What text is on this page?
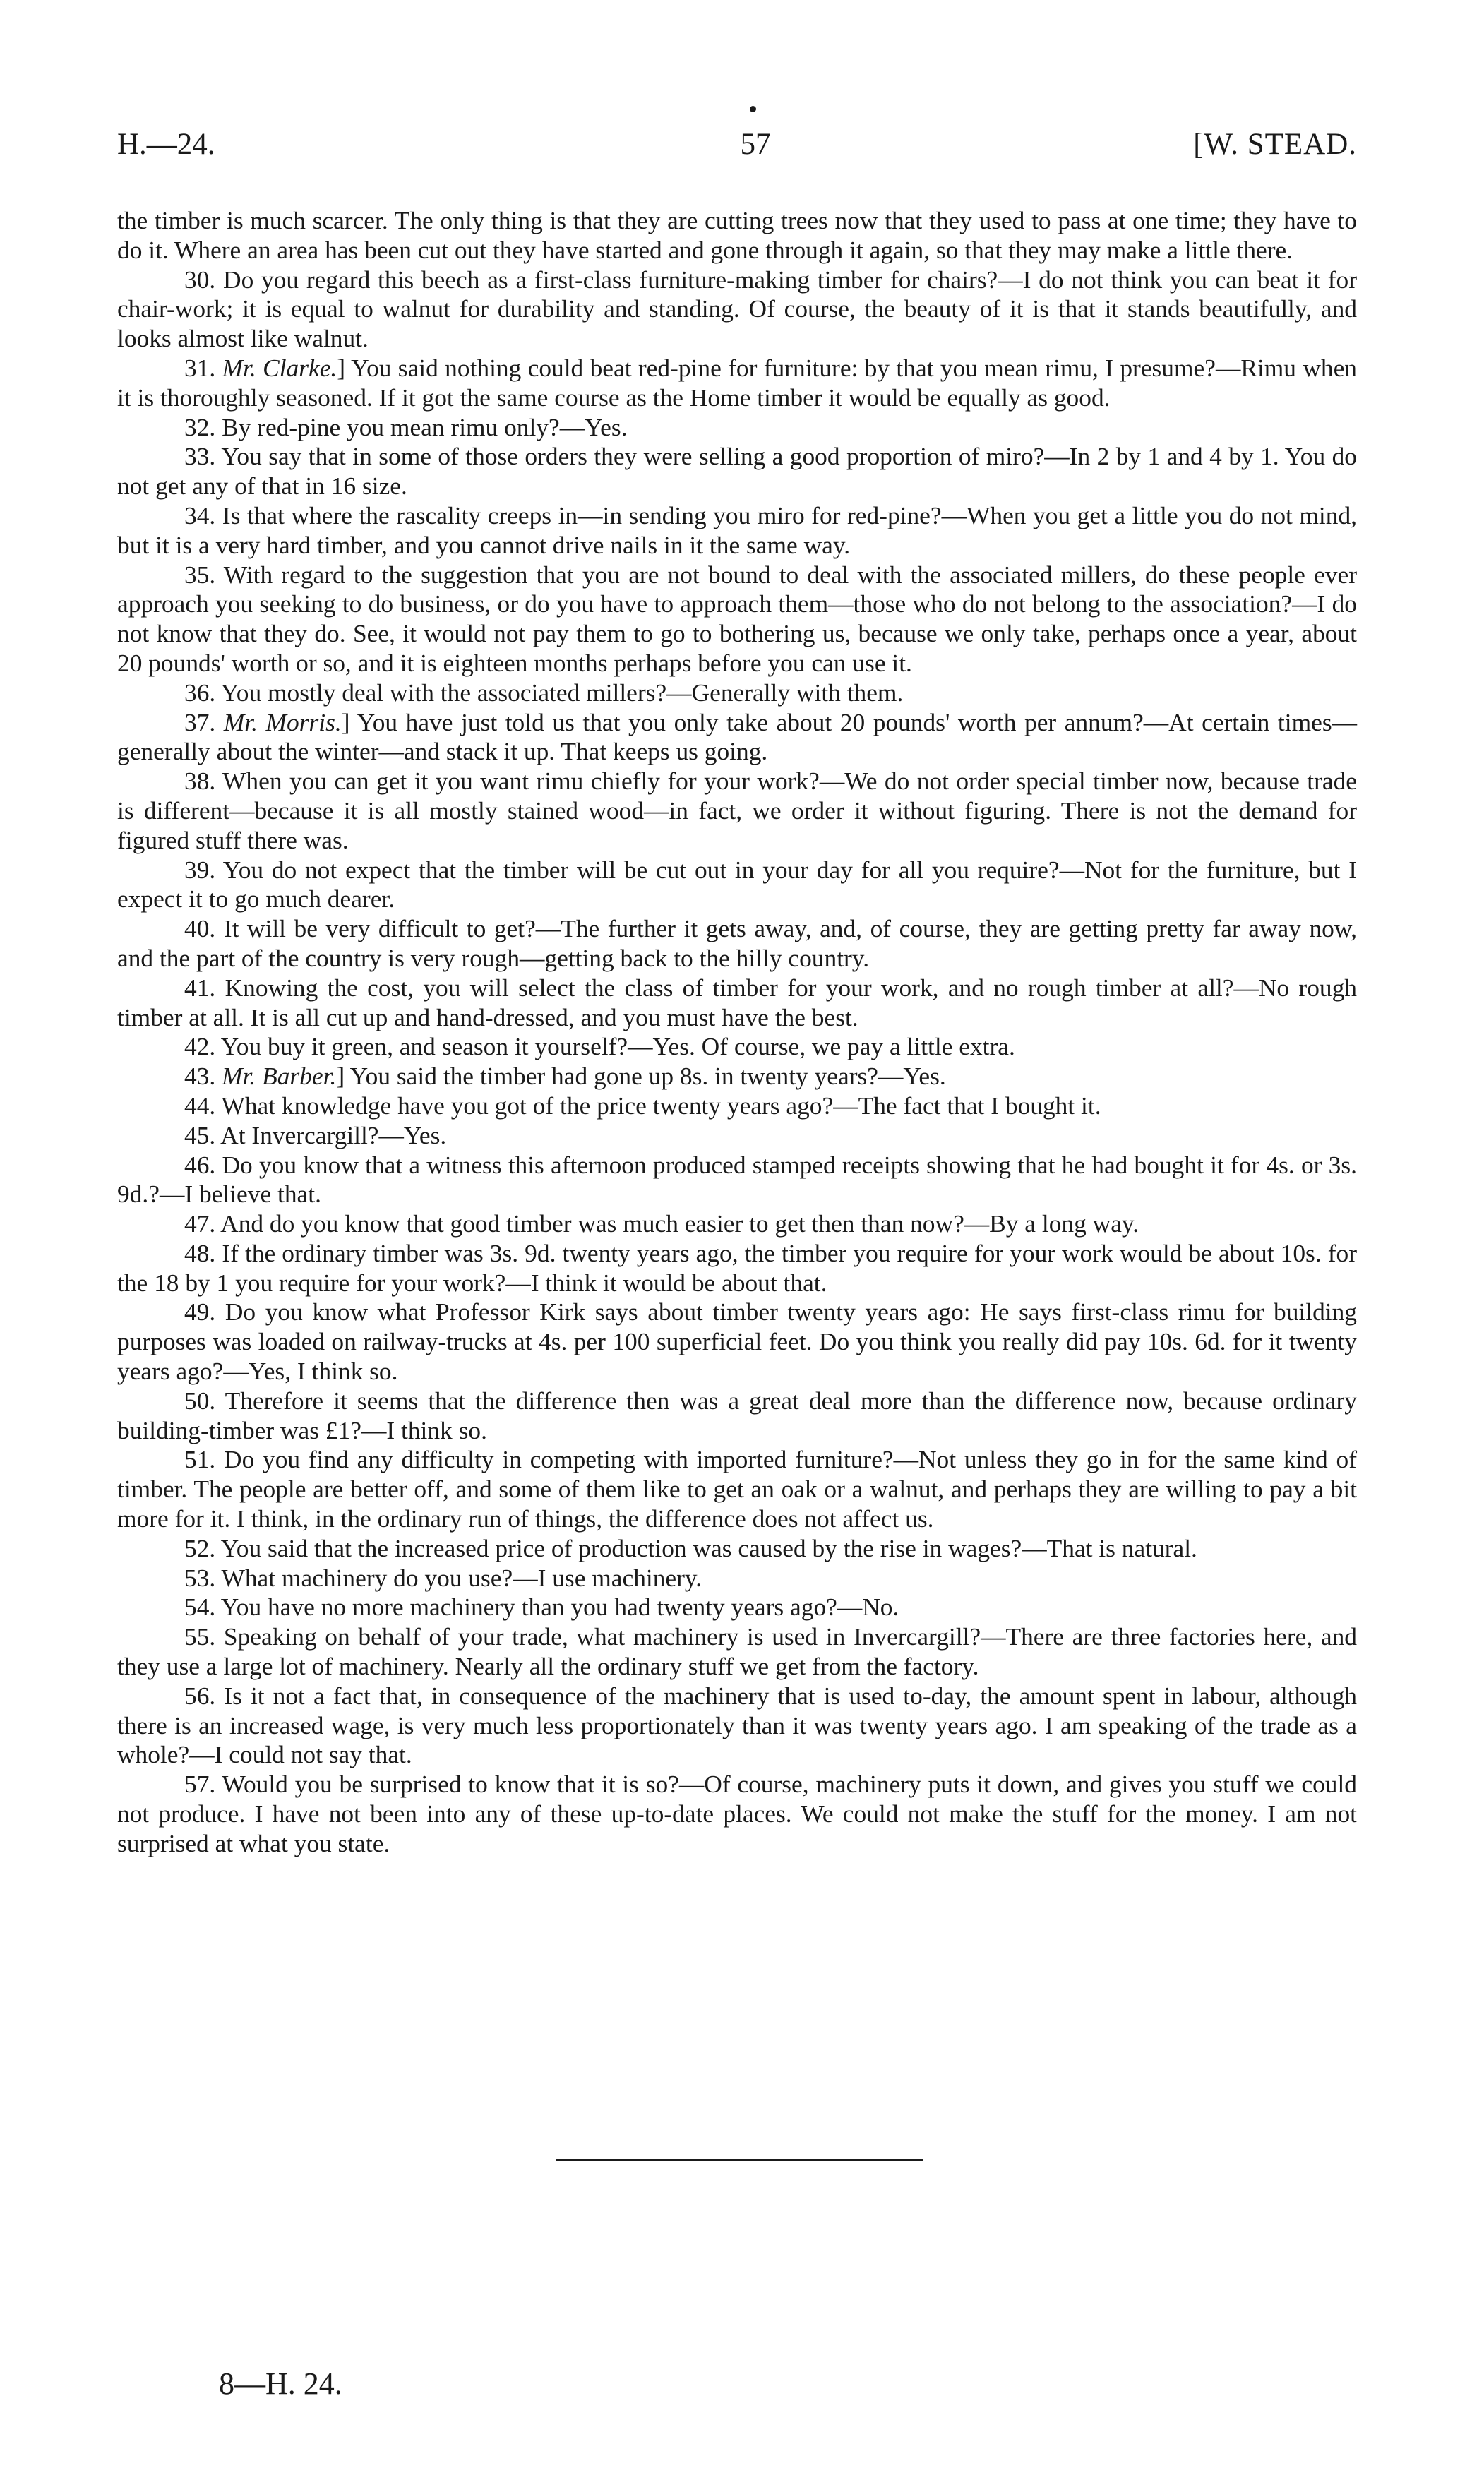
H.—24.	57	[W. STEAD.

the timber is much scarcer. The only thing is that they are cutting trees now that they used to pass at one time; they have to do it. Where an area has been cut out they have started and gone through it again, so that they may make a little there.

30. Do you regard this beech as a first-class furniture-making timber for chairs?—I do not think you can beat it for chair-work; it is equal to walnut for durability and standing. Of course, the beauty of it is that it stands beautifully, and looks almost like walnut.

31. Mr. Clarke.] You said nothing could beat red-pine for furniture: by that you mean rimu, I presume?—Rimu when it is thoroughly seasoned. If it got the same course as the Home timber it would be equally as good.

32. By red-pine you mean rimu only?—Yes.

33. You say that in some of those orders they were selling a good proportion of miro?—In 2 by 1 and 4 by 1. You do not get any of that in 16 size.

34. Is that where the rascality creeps in—in sending you miro for red-pine?—When you get a little you do not mind, but it is a very hard timber, and you cannot drive nails in it the same way.

35. With regard to the suggestion that you are not bound to deal with the associated millers, do these people ever approach you seeking to do business, or do you have to approach them—those who do not belong to the association?—I do not know that they do. See, it would not pay them to go to bothering us, because we only take, perhaps once a year, about 20 pounds' worth or so, and it is eighteen months perhaps before you can use it.

36. You mostly deal with the associated millers?—Generally with them.

37. Mr. Morris.] You have just told us that you only take about 20 pounds' worth per annum?—At certain times—generally about the winter—and stack it up. That keeps us going.

38. When you can get it you want rimu chiefly for your work?—We do not order special timber now, because trade is different—because it is all mostly stained wood—in fact, we order it without figuring. There is not the demand for figured stuff there was.

39. You do not expect that the timber will be cut out in your day for all you require?—Not for the furniture, but I expect it to go much dearer.

40. It will be very difficult to get?—The further it gets away, and, of course, they are getting pretty far away now, and the part of the country is very rough—getting back to the hilly country.

41. Knowing the cost, you will select the class of timber for your work, and no rough timber at all?—No rough timber at all. It is all cut up and hand-dressed, and you must have the best.

42. You buy it green, and season it yourself?—Yes. Of course, we pay a little extra.

43. Mr. Barber.] You said the timber had gone up 8s. in twenty years?—Yes.

44. What knowledge have you got of the price twenty years ago?—The fact that I bought it.

45. At Invercargill?—Yes.

46. Do you know that a witness this afternoon produced stamped receipts showing that he had bought it for 4s. or 3s. 9d.?—I believe that.

47. And do you know that good timber was much easier to get then than now?—By a long way.

48. If the ordinary timber was 3s. 9d. twenty years ago, the timber you require for your work would be about 10s. for the 18 by 1 you require for your work?—I think it would be about that.

49. Do you know what Professor Kirk says about timber twenty years ago: He says first-class rimu for building purposes was loaded on railway-trucks at 4s. per 100 superficial feet. Do you think you really did pay 10s. 6d. for it twenty years ago?—Yes, I think so.

50. Therefore it seems that the difference then was a great deal more than the difference now, because ordinary building-timber was £1?—I think so.

51. Do you find any difficulty in competing with imported furniture?—Not unless they go in for the same kind of timber. The people are better off, and some of them like to get an oak or a walnut, and perhaps they are willing to pay a bit more for it. I think, in the ordinary run of things, the difference does not affect us.

52. You said that the increased price of production was caused by the rise in wages?—That is natural.

53. What machinery do you use?—I use machinery.

54. You have no more machinery than you had twenty years ago?—No.

55. Speaking on behalf of your trade, what machinery is used in Invercargill?—There are three factories here, and they use a large lot of machinery. Nearly all the ordinary stuff we get from the factory.

56. Is it not a fact that, in consequence of the machinery that is used to-day, the amount spent in labour, although there is an increased wage, is very much less proportionately than it was twenty years ago. I am speaking of the trade as a whole?—I could not say that.

57. Would you be surprised to know that it is so?—Of course, machinery puts it down, and gives you stuff we could not produce. I have not been into any of these up-to-date places. We could not make the stuff for the money. I am not surprised at what you state.

8—H. 24.
